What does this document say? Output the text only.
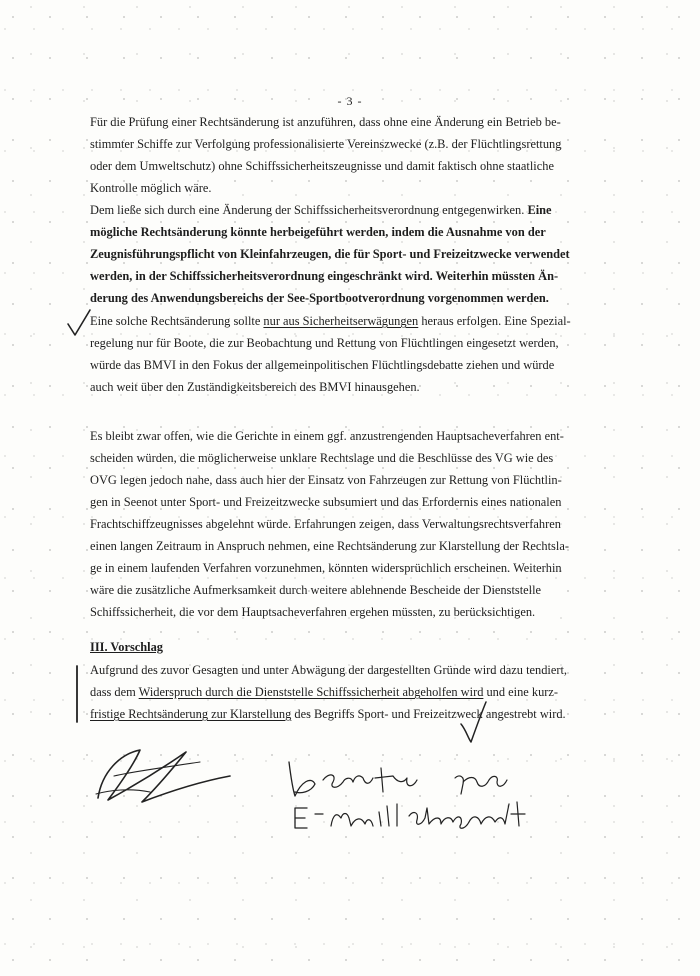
- 3 -
Für die Prüfung einer Rechtsänderung ist anzuführen, dass ohne eine Änderung ein Betrieb be-
stimmter Schiffe zur Verfolgung professionalisierte Vereinszwecke (z.B. der Flüchtlingsrettung
oder dem Umweltschutz) ohne Schiffssicherheitszeugnisse und damit faktisch ohne staatliche
Kontrolle möglich wäre.
Dem ließe sich durch eine Änderung der Schiffssicherheitsverordnung entgegenwirken. Eine
mögliche Rechtsänderung könnte herbeigeführt werden, indem die Ausnahme von der
Zeugnisführungspflicht von Kleinfahrzeugen, die für Sport- und Freizeitzwecke verwendet
werden, in der Schiffssicherheitsverordnung eingeschränkt wird. Weiterhin müssten Än-
derung des Anwendungsbereichs der See-Sportbootverordnung vorgenommen werden.
Eine solche Rechtsänderung sollte nur aus Sicherheitserwägungen heraus erfolgen. Eine Spezial-
regelung nur für Boote, die zur Beobachtung und Rettung von Flüchtlingen eingesetzt werden,
würde das BMVI in den Fokus der allgemeinpolitischen Flüchtlingsdebatte ziehen und würde
auch weit über den Zuständigkeitsbereich des BMVI hinausgehen.
Es bleibt zwar offen, wie die Gerichte in einem ggf. anzustrengenden Hauptsacheverfahren ent-
scheiden würden, die möglicherweise unklare Rechtslage und die Beschlüsse des VG wie des
OVG legen jedoch nahe, dass auch hier der Einsatz von Fahrzeugen zur Rettung von Flüchtlin-
gen in Seenot unter Sport- und Freizeitzwecke subsumiert und das Erfordernis eines nationalen
Frachtschiffzeugnisses abgelehnt würde. Erfahrungen zeigen, dass Verwaltungsrechtsverfahren
einen langen Zeitraum in Anspruch nehmen, eine Rechtsänderung zur Klarstellung der Rechtsla-
ge in einem laufenden Verfahren vorzunehmen, könnten widersprüchlich erscheinen. Weiterhin
wäre die zusätzliche Aufmerksamkeit durch weitere ablehnende Bescheide der Dienststelle
Schiffssicherheit, die vor dem Hauptsacheverfahren ergehen müssten, zu berücksichtigen.
III. Vorschlag
Aufgrund des zuvor Gesagten und unter Abwägung der dargestellten Gründe wird dazu tendiert,
dass dem Widerspruch durch die Dienststelle Schiffssicherheit abgeholfen wird und eine kurz-
fristige Rechtsänderung zur Klarstellung des Begriffs Sport- und Freizeitzweck angestrebt wird.
